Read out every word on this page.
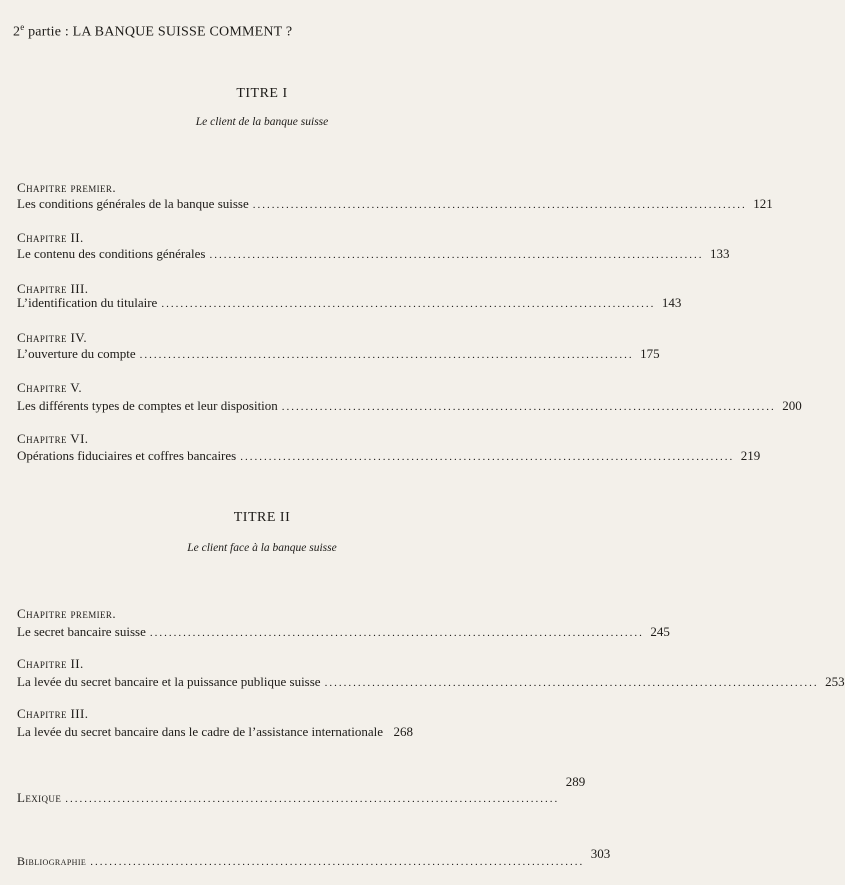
2e partie : LA BANQUE SUISSE COMMENT ?
TITRE I
Le client de la banque suisse
Chapitre premier.
Les conditions générales de la banque suisse ........................................................................................................ 121
Chapitre II.
Le contenu des conditions générales ........................................................................................................ 133
Chapitre III.
L’identification du titulaire ........................................................................................................ 143
Chapitre IV.
L’ouverture du compte ........................................................................................................ 175
Chapitre V.
Les différents types de comptes et leur disposition ........................................................................................................ 200
Chapitre VI.
Opérations fiduciaires et coffres bancaires ........................................................................................................ 219
TITRE II
Le client face à la banque suisse
Chapitre premier.
Le secret bancaire suisse ........................................................................................................ 245
Chapitre II.
La levée du secret bancaire et la puissance publique suisse ........................................................................................................ 253
Chapitre III.
La levée du secret bancaire dans le cadre de l’assistance internationale 268
Lexique ........................................................................................................
289
Bibliographie ........................................................................................................
303
